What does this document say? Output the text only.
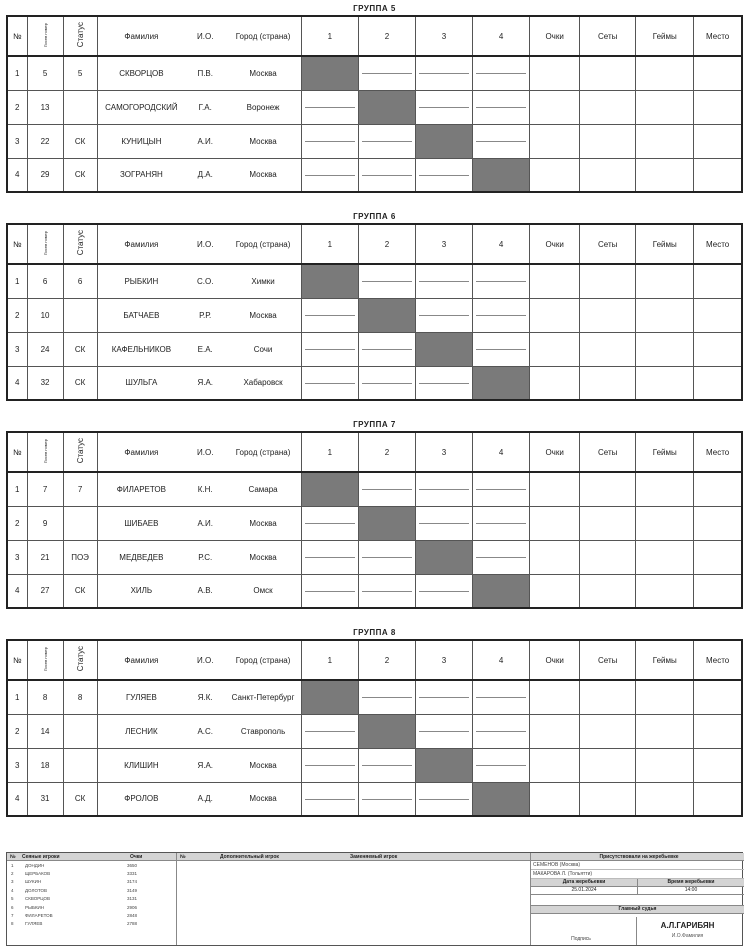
ГРУППА 5
№	Посев номер	Статус	Фамилия	И.О.	Город (страна)	1	2	3	4	Очки	Сеты	Геймы	Место
1	5	5	СКВОРЦОВ	П.В.	Москва								
2	13		САМОГОРОДСКИЙ	Г.А.	Воронеж								
3	22	СК	КУНИЦЫН	А.И.	Москва								
4	29	СК	ЗОГРАНЯН	Д.А.	Москва								
ГРУППА 6
№	Посев номер	Статус	Фамилия	И.О.	Город (страна)	1	2	3	4	Очки	Сеты	Геймы	Место
1	6	6	РЫБКИН	С.О.	Химки								
2	10		БАТЧАЕВ	Р.Р.	Москва								
3	24	СК	КАФЕЛЬНИКОВ	Е.А.	Сочи								
4	32	СК	ШУЛЬГА	Я.А.	Хабаровск								
ГРУППА 7
№	Посев номер	Статус	Фамилия	И.О.	Город (страна)	1	2	3	4	Очки	Сеты	Геймы	Место
1	7	7	ФИЛАРЕТОВ	К.Н.	Самара								
2	9		ШИБАЕВ	А.И.	Москва								
3	21	ПОЭ	МЕДВЕДЕВ	Р.С.	Москва								
4	27	СК	ХИЛЬ	А.В.	Омск								
ГРУППА 8
№	Посев номер	Статус	Фамилия	И.О.	Город (страна)	1	2	3	4	Очки	Сеты	Геймы	Место
1	8	8	ГУЛЯЕВ	Я.К.	Санкт-Петербург								
2	14		ЛЕСНИК	А.С.	Ставрополь								
3	18		КЛИШИН	Я.А.	Москва								
4	31	СК	ФРОЛОВ	А.Д.	Москва								
№	Сеяные игроки	Очки
1	ДОНДИН	3650
2	ЩЕРБАКОВ	3331
3	ШУКИН	3174
4	ДОЛОТОВ	3149
5	СКВОРЦОВ	3131
6	РЫБКИН	2906
7	ФИЛАРЕТОВ	2848
8	ГУЛЯЕВ	2788
№	Дополнительный игрок	Заменяемый игрок	Присутствовали на жеребьевке
СЕМЕНОВ (Москва)
МАКАРОВА Л. (Тольятти)
Дата жеребьевки	Время жеребьевки
25.01.2024	14:00
Главный судья
Подпись
А.Л.ГАРИБЯН
И.О.Фамилия
